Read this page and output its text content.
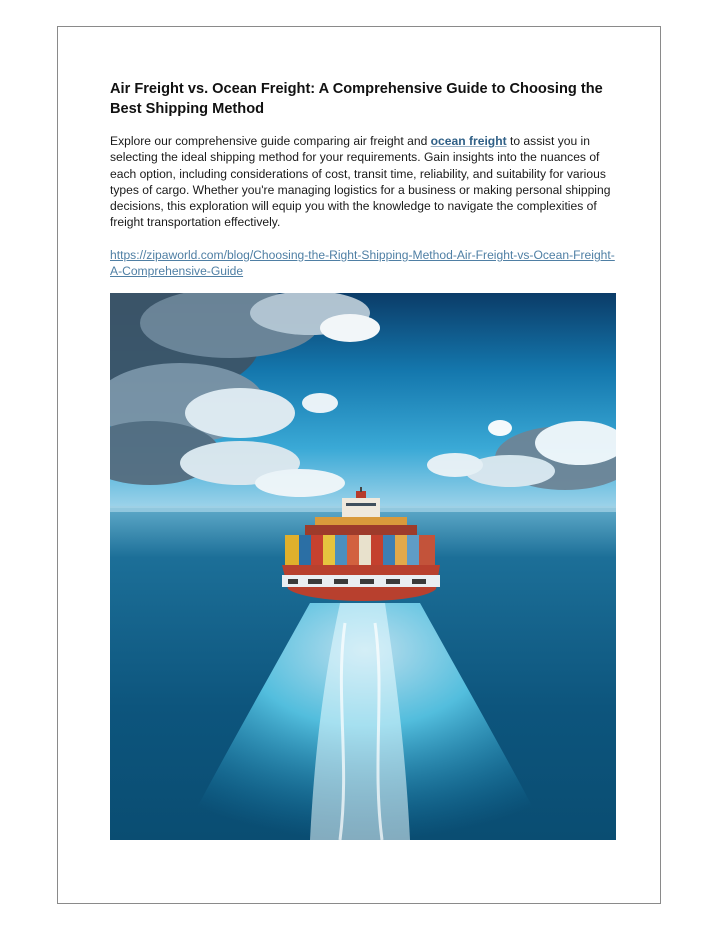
Air Freight vs. Ocean Freight: A Comprehensive Guide to Choosing the Best Shipping Method

Explore our comprehensive guide comparing air freight and ocean freight to assist you in selecting the ideal shipping method for your requirements. Gain insights into the nuances of each option, including considerations of cost, transit time, reliability, and suitability for various types of cargo. Whether you're managing logistics for a business or making personal shipping decisions, this exploration will equip you with the knowledge to navigate the complexities of freight transportation effectively.

https://zipaworld.com/blog/Choosing-the-Right-Shipping-Method-Air-Freight-vs-Ocean-Freight-A-Comprehensive-Guide
